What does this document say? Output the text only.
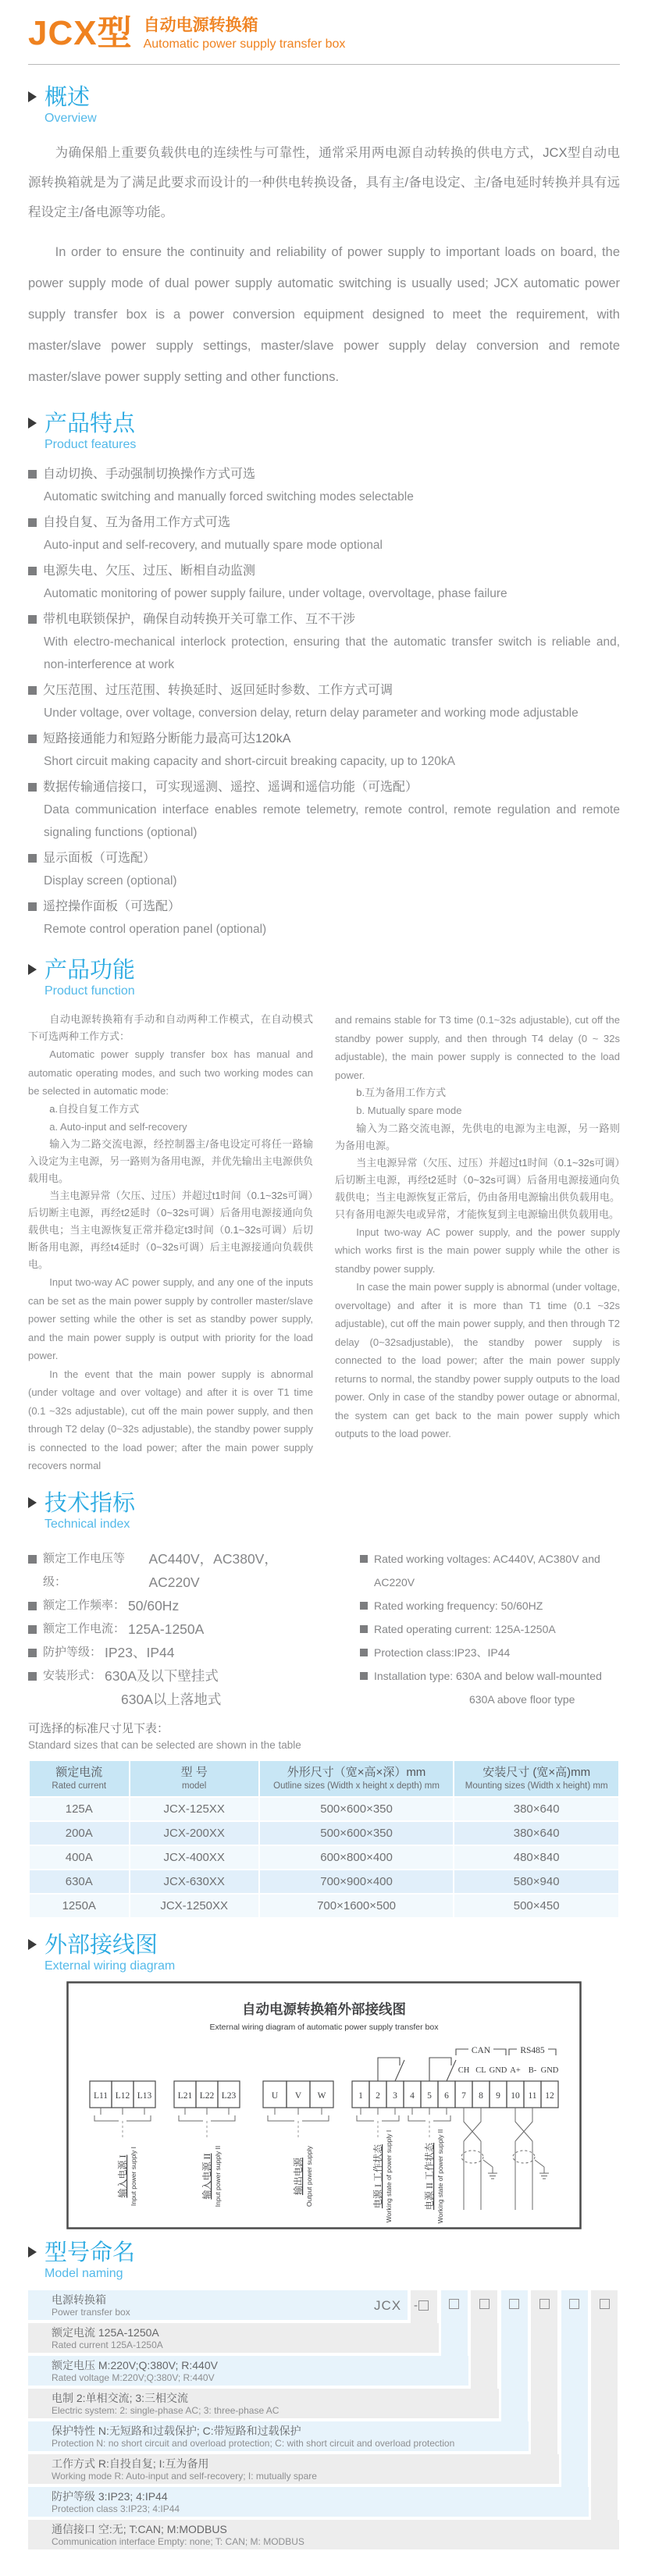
JCX型 自动电源转换箱
Automatic power supply transfer box
概述
Overview

为确保船上重要负载供电的连续性与可靠性，通常采用两电源自动转换的供电方式，JCX型自动电源转换箱就是为了满足此要求而设计的一种供电转换设备，具有主/备电设定、主/备电延时转换并具有远程设定主/备电源等功能。

In order to ensure the continuity and reliability of power supply to important loads on board, the power supply mode of dual power supply automatic switching is usually used; JCX automatic power supply transfer box is a power conversion equipment designed to meet the requirement, with master/slave power supply settings, master/slave power supply delay conversion and remote master/slave power supply setting and other functions.

产品特点
Product features
自动切换、手动强制切换操作方式可选
Automatic switching and manually forced switching modes selectable
自投自复、互为备用工作方式可选
Auto-input and self-recovery, and mutually spare mode optional
电源失电、欠压、过压、断相自动监测
Automatic monitoring of power supply failure, under voltage, overvoltage, phase failure
带机电联锁保护，确保自动转换开关可靠工作、互不干涉
With electro-mechanical interlock protection, ensuring that the automatic transfer switch is reliable and, non-interference at work
欠压范围、过压范围、转换延时、返回延时参数、工作方式可调
Under voltage, over voltage, conversion delay, return delay parameter and working mode adjustable
短路接通能力和短路分断能力最高可达120kA
Short circuit making capacity and short-circuit breaking capacity, up to 120kA
数据传输通信接口，可实现遥测、遥控、遥调和遥信功能（可选配）
Data communication interface enables remote telemetry, remote control, remote regulation and remote signaling functions (optional)
显示面板（可选配）
Display screen (optional)
遥控操作面板（可选配）
Remote control operation panel (optional)
产品功能
Product function

自动电源转换箱有手动和自动两种工作模式，在自动模式下可选两种工作方式：

Automatic power supply transfer box has manual and automatic operating modes, and such two working modes can be selected in automatic mode:

a.自投自复工作方式

a. Auto-input and self-recovery

输入为二路交流电源，经控制器主/备电设定可将任一路输入设定为主电源，另一路则为备用电源，并优先输出主电源供负载用电。

当主电源异常（欠压、过压）并超过t1时间（0.1~32s可调）后切断主电源，再经t2延时（0~32s可调）后备用电源接通向负载供电；当主电源恢复正常并稳定t3时间（0.1~32s可调）后切断备用电源，再经t4延时（0~32s可调）后主电源接通向负载供电。

Input two-way AC power supply, and any one of the inputs can be set as the main power supply by controller master/slave power setting while the other is set as standby power supply, and the main power supply is output with priority for the load power.

In the event that the main power supply is abnormal (under voltage and over voltage) and after it is over T1 time (0.1 ~32s adjustable), cut off the main power supply, and then through T2 delay (0~32s adjustable), the standby power supply is connected to the load power; after the main power supply recovers normal

and remains stable for T3 time (0.1~32s adjustable), cut off the standby power supply, and then through T4 delay (0 ~ 32s adjustable), the main power supply is connected to the load power.

b.互为备用工作方式

b. Mutually spare mode

输入为二路交流电源，先供电的电源为主电源，另一路则为备用电源。

当主电源异常（欠压、过压）并超过t1时间（0.1~32s可调）后切断主电源，再经t2延时（0~32s可调）后备用电源接通向负载供电；当主电源恢复正常后，仍由备用电源输出供负载用电。只有备用电源失电或异常，才能恢复到主电源输出供负载用电。

Input two-way AC power supply, and the power supply which works first is the main power supply while the other is standby power supply.

In case the main power supply is abnormal (under voltage, overvoltage) and after it is more than T1 time (0.1 ~32s adjustable), cut off the main power supply, and then through T2 delay (0~32sadjustable), the standby power supply is connected to the load power; after the main power supply returns to normal, the standby power supply outputs to the load power. Only in case of the standby power outage or abnormal, the system can get back to the main power supply which outputs to the load power.

技术指标
Technical index
额定工作电压等级：
AC440V，AC380V，AC220V
额定工作频率： 50/60Hz
额定工作电流： 125A-1250A
防护等级： IP23、IP44
安装形式： 630A及以下壁挂式
630A以上落地式
Rated working voltages: AC440V, AC380V and AC220V
Rated working frequency: 50/60HZ
Rated operating current: 125A-1250A
Protection class:IP23、IP44
Installation type: 630A and below wall-mounted
630A above floor type
可选择的标准尺寸见下表：
Standard sizes that can be selected are shown in the table
额定电流
Rated current

型 号
model

外形尺寸（宽×高×深）mm
Outline sizes (Width x height x depth) mm

安装尺寸 (宽×高)mm
Mounting sizes (Width x height) mm

125A	JCX-125XX	500×600×350	380×640
200A	JCX-200XX	500×600×350	380×640
400A	JCX-400XX	600×800×400	480×840
630A	JCX-630XX	700×900×400	580×940
1250A	JCX-1250XX	700×1600×500	500×450
外部接线图
External wiring diagram
自动电源转换箱外部接线图
External wiring diagram of automatic power supply transfer box
CAN	RS485
CH CL GND A+ B- GND
L11 L12 L13	L21 L22 L23	U V W	1 2 3 4 5 6 7 8 9 10 11 12
输入电源 I Input power supply I	输入电源 II Input power supply II	输出电源 Output power supply	电源 I 工作状态 Working state of power supply I	电源 II 工作状态 Working state of power supply II
型号命名
Model naming
电源转换箱
Power transfer box
额定电流 125A-1250A
Rated current 125A-1250A
额定电压 M:220V;Q:380V; R:440V
Rated voltage M:220V;Q:380V; R:440V
电制 2:单相交流; 3:三相交流
Electric system: 2: single-phase AC; 3: three-phase AC
保护特性 N:无短路和过载保护; C:带短路和过载保护
Protection N: no short circuit and overload protection; C: with short circuit and overload protection
工作方式 R:自投自复; I:互为备用
Working mode R: Auto-input and self-recovery; I: mutually spare
防护等级 3:IP23; 4:IP44
Protection class 3:IP23; 4:IP44
通信接口 空:无; T:CAN; M:MODBUS
Communication interface Empty: none; T: CAN; M: MODBUS
JCX -
